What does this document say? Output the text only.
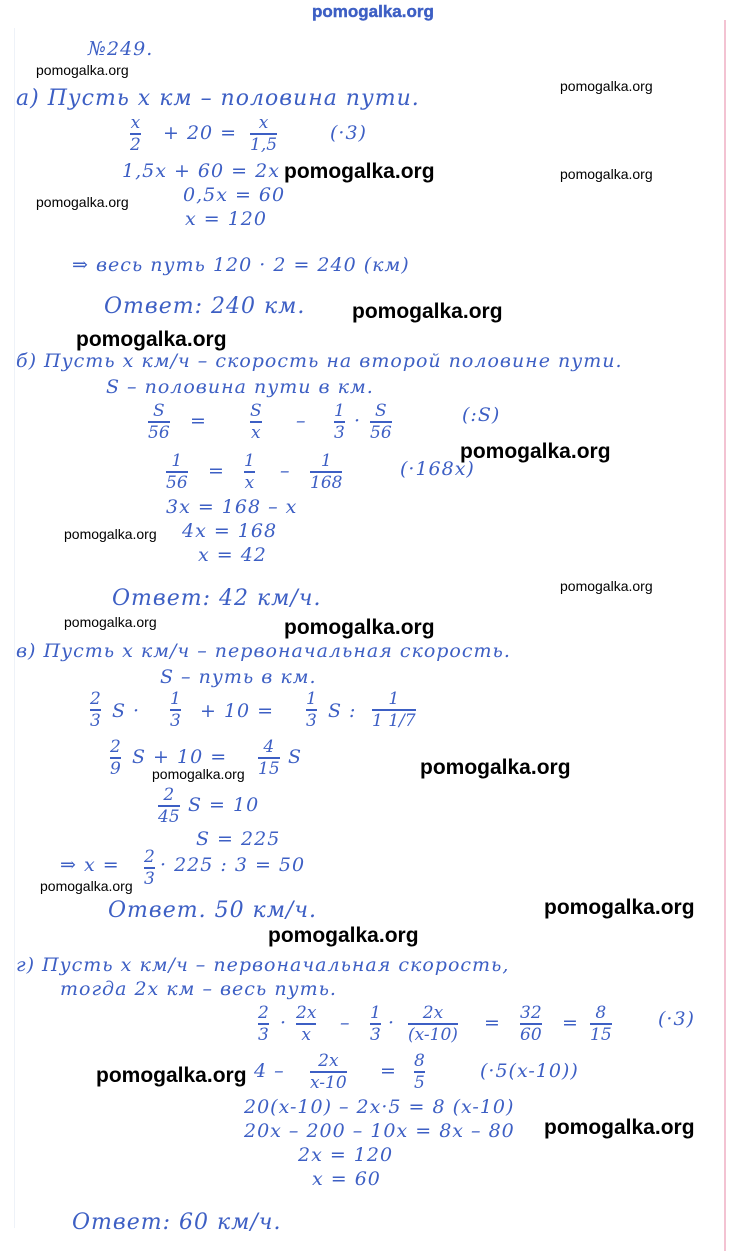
pomogalka.org
№249.
а) Пусть x км – половина пути.
x
2
+ 20 = x
1,5
(·3)
1,5x + 60 = 2x
0,5x = 60
x = 120
⇒ весь путь 120 · 2 = 240 (км)
Ответ: 240 км.
б) Пусть x км/ч – скорость на второй половине пути.
S – половина пути в км.
S
56
=	S
x
– 1
3
· S
56
(:S)
1
56
= 1
x
– 1
168
(·168x)
3x = 168 – x
4x = 168
x = 42
Ответ: 42 км/ч.
в) Пусть x км/ч – первоначальная скорость.
S – путь в км.
2
3 S ·
1
3 + 10 =
1
3 S :
1
1 1/7
2
9
S + 10 = 4
15
S
2
45
S = 10
S = 225
⇒ x = 2
3
· 225 : 3 = 50
Ответ. 50 км/ч.
г) Пусть x км/ч – первоначальная скорость,
тогда 2x км – весь путь.
2
3
· 2x
x
– 1
3
· 2x
(x-10)
= 32
60
= 8
15
(·3)
4 – 2x
x-10
= 8
5
(·5(x-10))
20(x-10) – 2x·5 = 8 (x-10)
20x – 200 – 10x = 8x – 80
2x = 120
x = 60
Ответ: 60 км/ч.
pomogalka.org
pomogalka.org
pomogalka.org	pomogalka.org
pomogalka.org
pomogalka.org
pomogalka.org
pomogalka.org
pomogalka.org
pomogalka.org
pomogalka.org	pomogalka.org
pomogalka.org
pomogalka.org
pomogalka.org
pomogalka.org
pomogalka.org
pomogalka.org
pomogalka.org
